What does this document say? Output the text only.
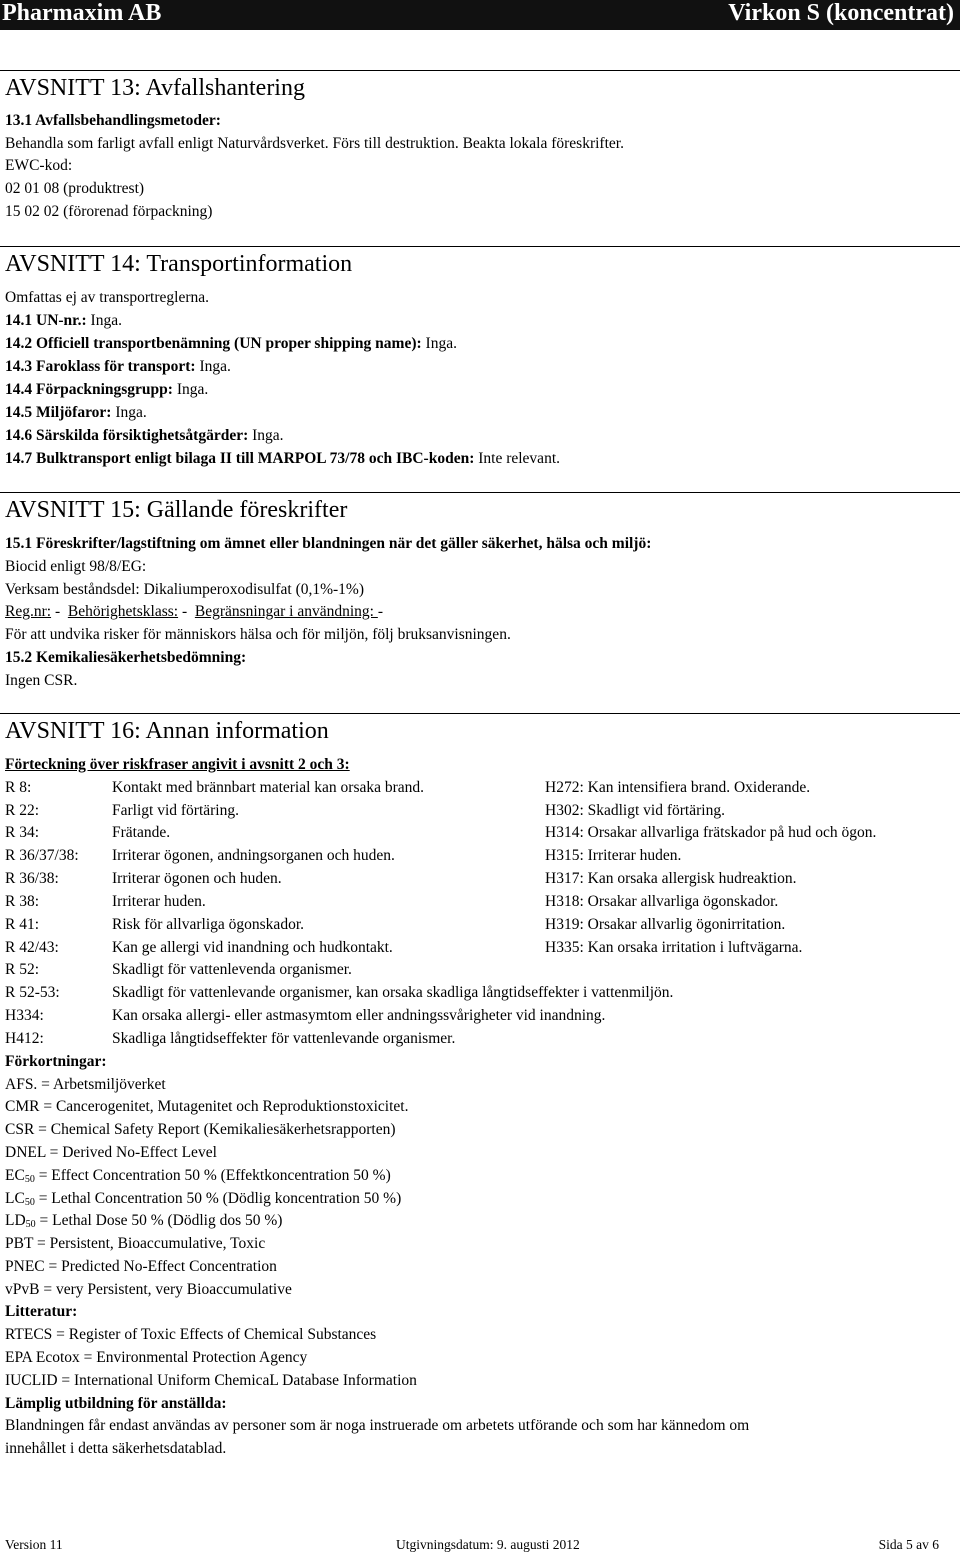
Pharmaxim AB	Virkon S (koncentrat)
AVSNITT 13: Avfallshantering
13.1 Avfallsbehandlingsmetoder:
Behandla som farligt avfall enligt Naturvårdsverket. Förs till destruktion. Beakta lokala föreskrifter.
EWC-kod:
02 01 08 (produktrest)
15 02 02 (förorenad förpackning)
AVSNITT 14: Transportinformation
Omfattas ej av transportreglerna.
14.1 UN-nr.: Inga.
14.2 Officiell transportbenämning (UN proper shipping name): Inga.
14.3 Faroklass för transport: Inga.
14.4 Förpackningsgrupp: Inga.
14.5 Miljöfaror: Inga.
14.6 Särskilda försiktighetsåtgärder: Inga.
14.7 Bulktransport enligt bilaga II till MARPOL 73/78 och IBC-koden: Inte relevant.
AVSNITT 15: Gällande föreskrifter
15.1 Föreskrifter/lagstiftning om ämnet eller blandningen när det gäller säkerhet, hälsa och miljö:
Biocid enligt 98/8/EG:
Verksam beståndsdel: Dikaliumperoxodisulfat (0,1%-1%)
Reg.nr: -  Behörighetsklass: -  Begränsningar i användning: -
För att undvika risker för människors hälsa och för miljön, följ bruksanvisningen.
15.2 Kemikaliesäkerhetsbedömning:
Ingen CSR.
AVSNITT 16: Annan information
Förteckning över riskfraser angivit i avsnitt 2 och 3:
R 8:	Kontakt med brännbart material kan orsaka brand.	H272: Kan intensifiera brand. Oxiderande.
R 22:	Farligt vid förtäring.	H302: Skadligt vid förtäring.
R 34:	Frätande.	H314: Orsakar allvarliga frätskador på hud och ögon.
R 36/37/38: Irriterar ögonen, andningsorganen och huden.	H315: Irriterar huden.
R 36/38:	Irriterar ögonen och huden.	H317: Kan orsaka allergisk hudreaktion.
R 38:	Irriterar huden.	H318: Orsakar allvarliga ögonskador.
R 41:	Risk för allvarliga ögonskador.	H319: Orsakar allvarlig ögonirritation.
R 42/43:	Kan ge allergi vid inandning och hudkontakt.	H335: Kan orsaka irritation i luftvägarna.
R 52:	Skadligt för vattenlevenda organismer.
R 52-53:	Skadligt för vattenlevande organismer, kan orsaka skadliga långtidseffekter i vattenmiljön.
H334:	Kan orsaka allergi- eller astmasymtom eller andningssvårigheter vid inandning.
H412:	Skadliga långtidseffekter för vattenlevande organismer.
Förkortningar:
AFS. = Arbetsmiljöverket
CMR = Cancerogenitet, Mutagenitet och Reproduktionstoxicitet.
CSR = Chemical Safety Report (Kemikaliesäkerhetsrapporten)
DNEL = Derived No-Effect Level
$EC_{50}$ = Effect Concentration 50 % (Effektkoncentration 50 %)
$LC_{50}$ = Lethal Concentration 50 % (Dödlig koncentration 50 %)
$LD_{50}$ = Lethal Dose 50 % (Dödlig dos 50 %)
PBT = Persistent, Bioaccumulative, Toxic
PNEC = Predicted No-Effect Concentration
vPvB = very Persistent, very Bioaccumulative
Litteratur:
RTECS = Register of Toxic Effects of Chemical Substances
EPA Ecotox = Environmental Protection Agency
IUCLID = International Uniform ChemicaL Database Information
Lämplig utbildning för anställda:
Blandningen får endast användas av personer som är noga instruerade om arbetets utförande och som har kännedom om
innehållet i detta säkerhetsdatablad.
Version 11	Utgivningsdatum: 9. augusti 2012	Sida 5 av 6
